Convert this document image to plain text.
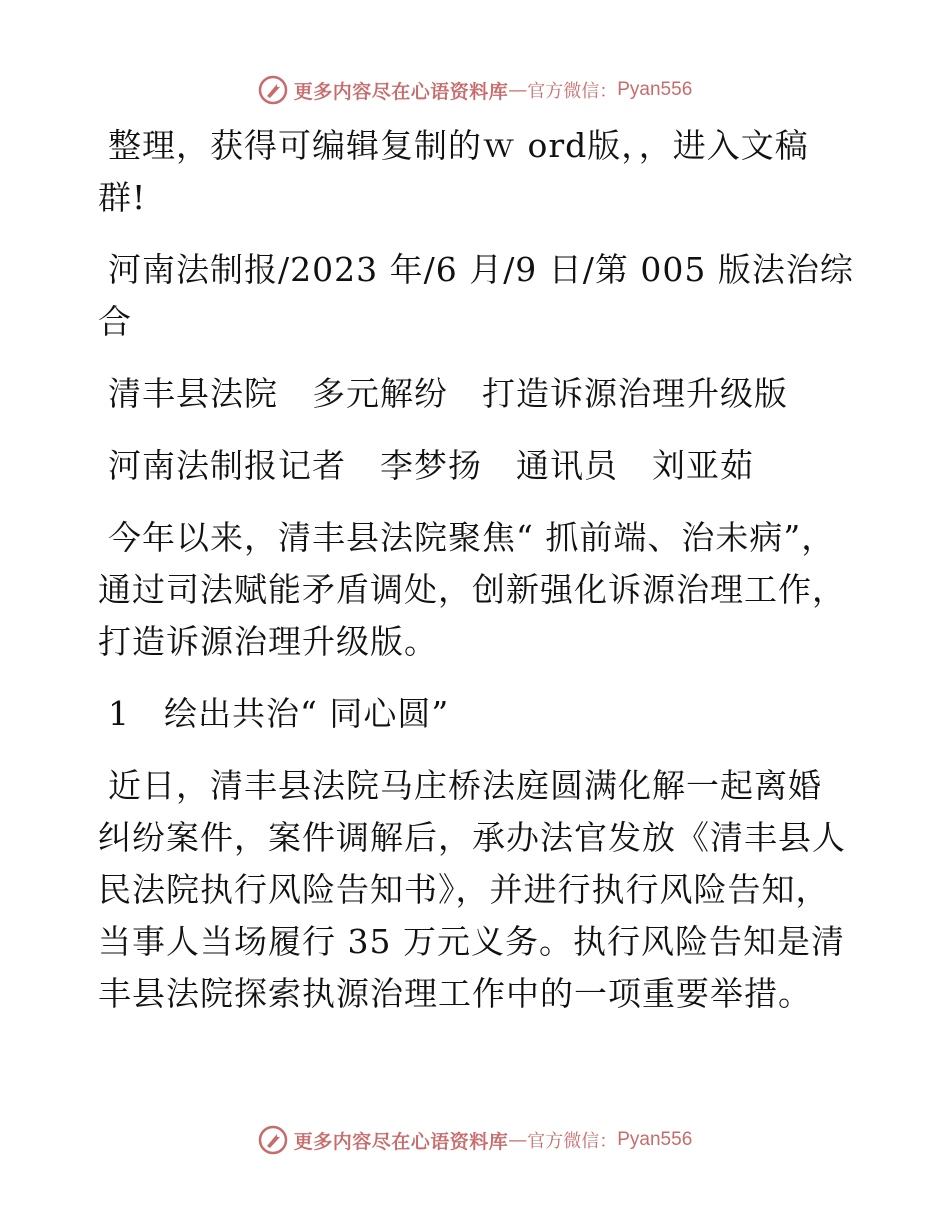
更多内容尽在心语资料库 — 官方微信： Pyan556

整理，获得可编辑复制的ｗ ord版，，进入文稿群!

河南法制报/2023 年/6 月/9 日/第 005 版法治综合

清丰县法院　多元解纷　打造诉源治理升级版

河南法制报记者　李梦扬　通讯员　刘亚茹

今年以来，清丰县法院聚焦“ 抓前端、治未病”，通过司法赋能矛盾调处，创新强化诉源治理工作，打造诉源治理升级版。

1　绘出共治“ 同心圆”

近日，清丰县法院马庄桥法庭圆满化解一起离婚纠纷案件，案件调解后，承办法官发放《清丰县人民法院执行风险告知书》，并进行执行风险告知，当事人当场履行 35 万元义务。执行风险告知是清丰县法院探索执源治理工作中的一项重要举措。

更多内容尽在心语资料库 — 官方微信： Pyan556
